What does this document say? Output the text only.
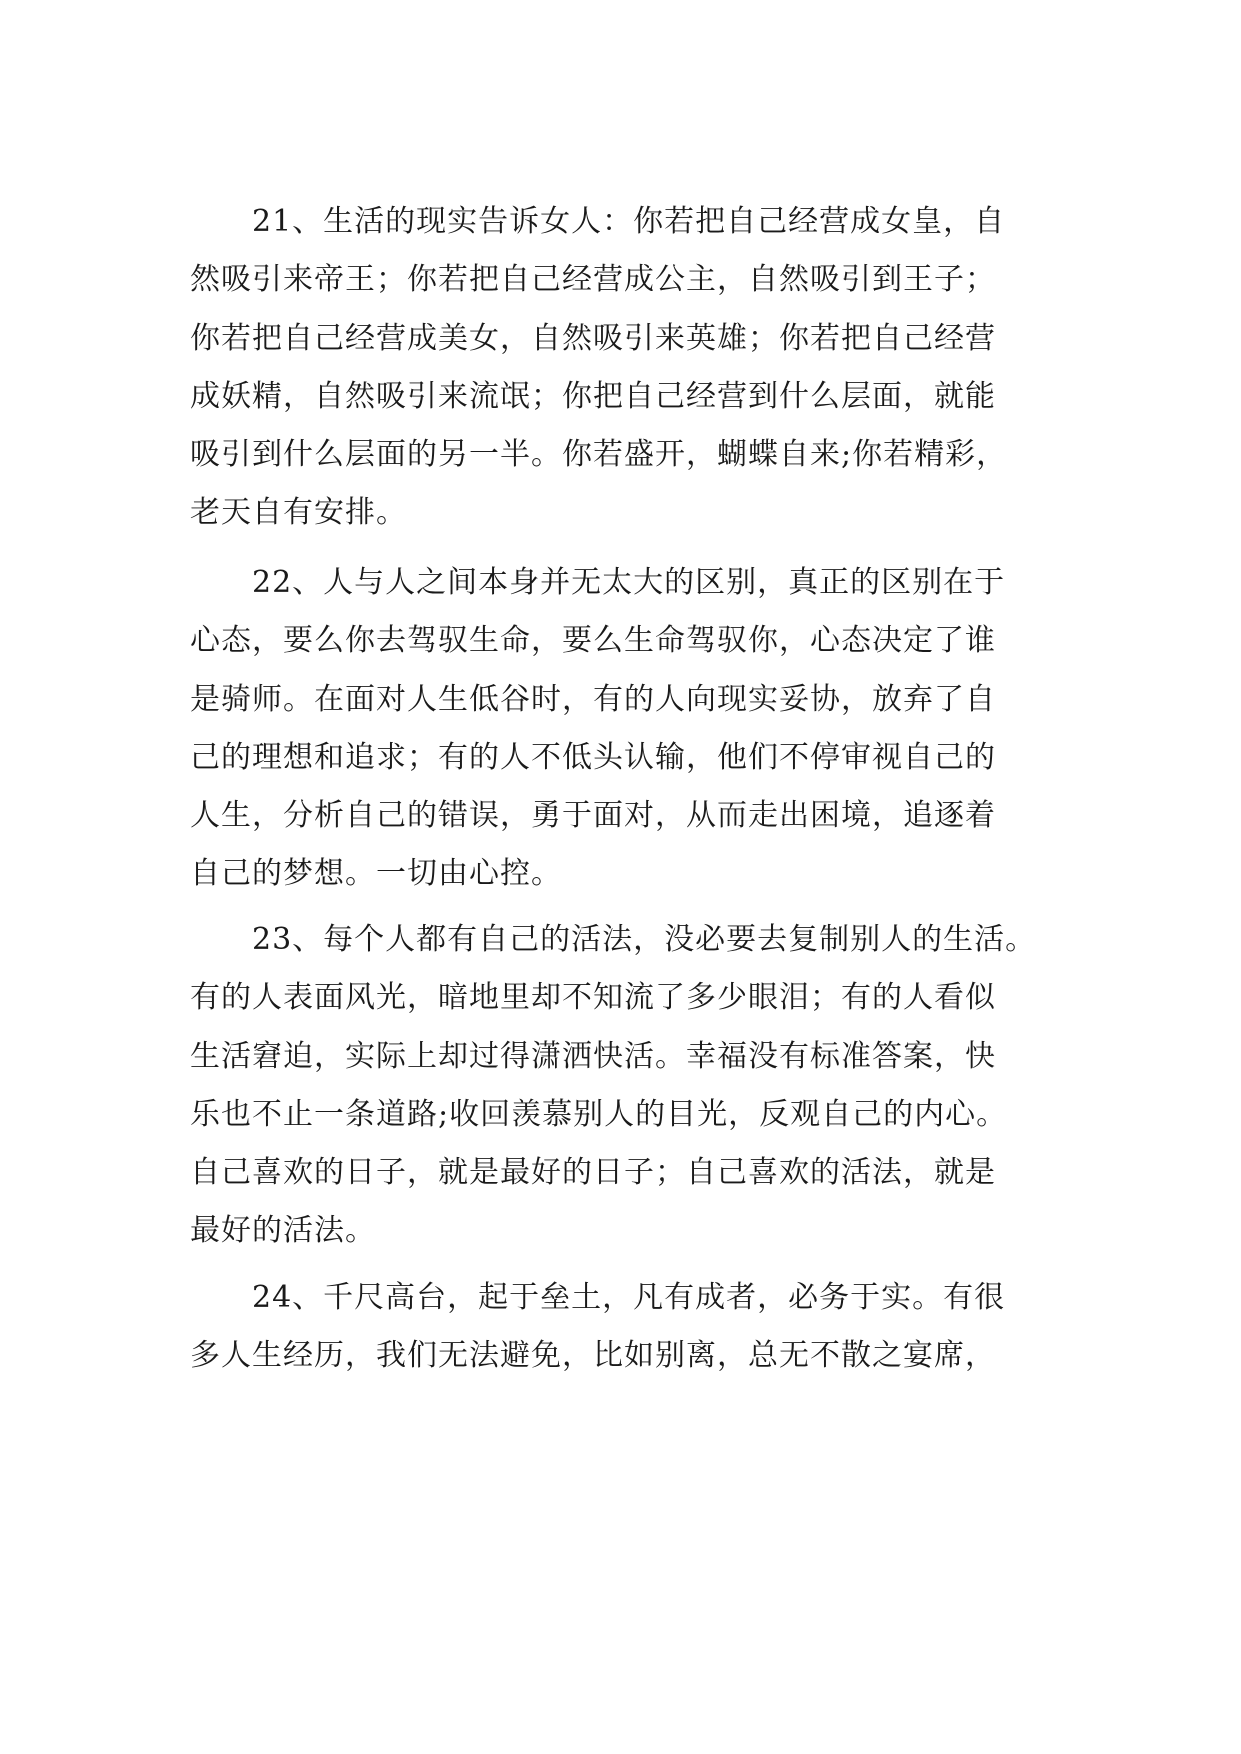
21、生活的现实告诉女人：你若把自己经营成女皇，自
然吸引来帝王；你若把自己经营成公主，自然吸引到王子；
你若把自己经营成美女，自然吸引来英雄；你若把自己经营
成妖精，自然吸引来流氓；你把自己经营到什么层面，就能
吸引到什么层面的另一半。你若盛开，蝴蝶自来;你若精彩，
老天自有安排。
22、人与人之间本身并无太大的区别，真正的区别在于
心态，要么你去驾驭生命，要么生命驾驭你，心态决定了谁
是骑师。在面对人生低谷时，有的人向现实妥协，放弃了自
己的理想和追求；有的人不低头认输，他们不停审视自己的
人生，分析自己的错误，勇于面对，从而走出困境，追逐着
自己的梦想。一切由心控。
23、每个人都有自己的活法，没必要去复制别人的生活。
有的人表面风光，暗地里却不知流了多少眼泪；有的人看似
生活窘迫，实际上却过得潇洒快活。幸福没有标准答案，快
乐也不止一条道路;收回羡慕别人的目光，反观自己的内心。
自己喜欢的日子，就是最好的日子；自己喜欢的活法，就是
最好的活法。
24、千尺高台，起于垒土，凡有成者，必务于实。有很
多人生经历，我们无法避免，比如别离，总无不散之宴席，
